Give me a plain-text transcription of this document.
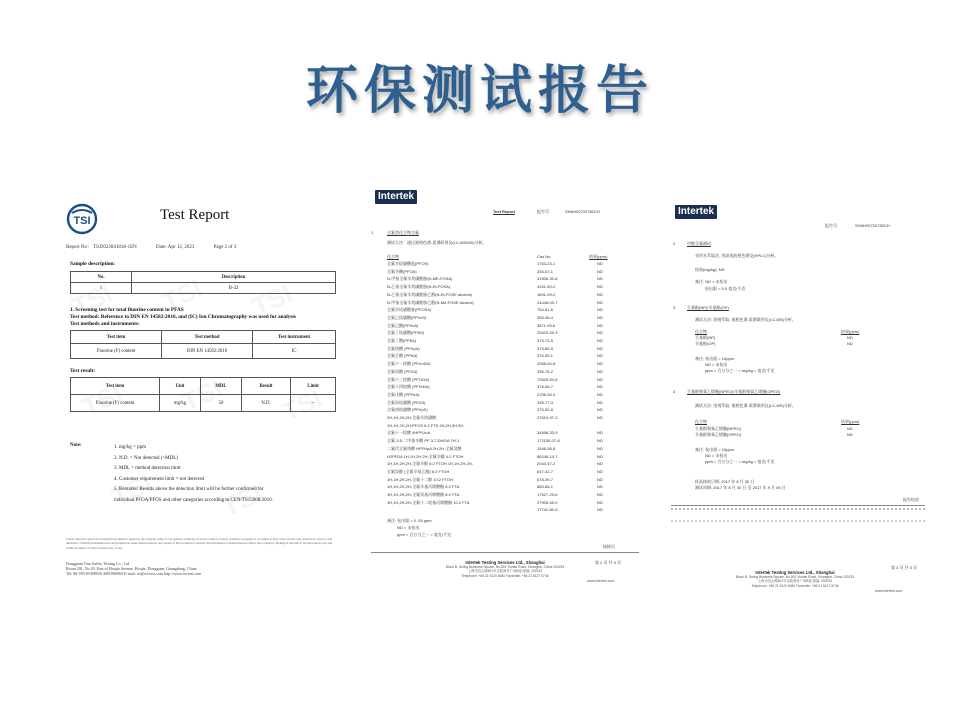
环保测试报告
TSI	Test Report
Report No： TSJ2023041818-1EN	Date: Apr 12, 2023	Page 2 of 3
Sample description:
No.	Description
1	B-32
1. Screening test for total fluorine content in PFAS
Test method: Reference to DIN EN 14582:2016, and (IC) Ion Chromatography was used for analysis
Test methods and instruments:
Test item	Test method	Test instrument
Fluorine (F) content	DIN EN 14582:2016	IC
Test result:
Test item	Unit	MDL	Result	Limit
Fluorine (F) content	mg/kg	50	N.D.	--
Note:	1. mg/kg = ppm
2. N.D. = Not detected (<MDL)
3. MDL = method detection limit
4. Customer requirement limit = not detected
5. Remarks: Results above the detection limit will be further confirmed for
individual PFOA/PFOS and other categories according to CEN/TS15968:2010.
Unless otherwise agreed in writing,this document is issued by the company subject to its general conditions of service printed overleaf, available on request or accessible at http://www.tsi-test.com. Attention is drawn to the limitation of liability,indemnification and jurisdiction issues defined therein. Any holder of this document is advised that information contained hereon reflects the Company's findings at the time of its intervention only and within the limits of Client's instructions, if any.
Dongguan True Safety Testing Co., Ltd
Room 201, No.29, East of Houjie Avenue, Houjie, Dongguan, Guangdong, China
Tel: 86-769-85308050 4001086960 E-mail: tsi@tsi-test.com http://www.tsi-test.com
Intertek
Test Report	报告号：	SHAH00720782CH
1	全氟类化合物含量
测试方法：通过液相色谱-质谱联用仪(LC-MS/MS)分析。
化合物	Cas No.	结果(ppm)
全氟辛烷磺酸盐(PFOS)	1763-23-1	ND
全氟辛酸(PFOA)	335-67-1	ND
N-甲基全氟辛烷磺酰胺(N-ME-FOSA)	31506-32-8	ND
N-乙基全氟辛烷磺酰胺(N-Et-FOSA)	4151-50-2	ND
N-乙基全氟辛烷磺酰胺乙醇(N-Et-FOSE alcohol)	1691-99-2	ND
N-甲基全氟辛烷磺酰胺乙醇(N-Me-FOSE alcohol)	24448-09-7	ND
全氟辛烷磺酰胺(PFOSA)	754-91-6	ND
全氟己烷磺酸(PFHxS)	355-46-4	ND
全氟己酸(PFHxA)	3871-99-6	ND
全氟丁烷磺酸(PFBS)	29420-49-3	ND
全氟丁酸(PFBA)	375-73-5	ND
全氟庚酸 (PFHpA)	375-85-9	ND
全氟壬酸 (PFNA)	375-95-1	ND
全氟十一烷酸 (PFUnDA)	2058-94-8	ND
全氟癸酸 (PFDA)	335-76-2	ND
全氟十三烷酸 (PFTrDA)	72629-94-8	ND
全氟十四烷酸 (PFTeDA)	376-06-7	ND
全氟戊酸 (PFPeA)	2706-90-3	ND
全氟癸烷磺酸 (PFDS)	335-77-3	ND
全氟庚烷磺酸 (PFHpS)	375-92-8	ND
2H,1H,2H,2H-全氟辛烷磺酸	27619-97-2	ND
1H,1H,2H,2H-PFOS 6:2 FTS 2H,2H,3H,3H-
全氟十一烷酸 4HPFUnA	34598-33-9	ND
全氟-3,5-二甲基辛酸 PF-3,7-DMOA 7H-1	172155-07-6	ND
二氟代全氟庚酸 HPFHpA 2H,2H-全氟癸酸	1546-95-8	ND
H2PFDA 1H,1H,2H,2H-全氟辛醇 4:2 FTOH	86248-14-7	ND
1H,1H,2H,2H-全氟辛醇 6:2 FTOH 1H,1H,2H,2H-	2043-47-2	ND
全氟癸醇 (全氟辛基乙醇) 8:2 FTOH	647-42-7	ND
1H,1H,2H,2H-全氟十二醇 10:2 FTOH	678-39-7	ND
1H,1H,2H,2H-全氟辛基丙烯酸酯 6:2 FTA	865-86-1	ND
1H,1H,2H,2H-全氟癸基丙烯酸酯 8:2 FTA	17527-29-6	ND
1H,1H,2H,2H-全氟十二烷基丙烯酸酯 10:2 FTA	27905-45-9	ND
17741-60-5	ND
备注: 检出限 = 0. 05 ppm
ND = 未检出
ppm = 百万分之一 = 毫克/千克
接续页
第 2 页 共 3 页
Intertek Testing Services Ltd., Shanghai
Block B, Jinling Business Square, No.801 Yishan Road, Shanghai, China 200233
上海市宜山路801号金陵商务广场B座 邮编: 200233
Telephone: +86 21 6120 6060 Facsimile: +86 21 6127 6746
www.intertek.com
Intertek
报告号：	SHAH00720782CH
2	甲醛含量测试
采用水萃取法, 用高效液相色谱仪(HPLC)分析。
结果(mg/kg): ND
备注: ND = 未检出
检出限 = 5.0 毫克/千克
3	壬基酚(NP)/辛基酚(OP)
测试方法: 溶剂萃取, 液相色谱-质谱联用仪(LC-MS)分析。
化合物	结果(ppm)
壬基酚(NP)	ND
辛基酚(OP)	ND
备注: 检出限 = 10ppm
ND = 未检出
ppm = 百万分之一 = mg/kg = 毫克/千克
4	壬基酚聚氧乙烯醚(NPEO)/辛基酚聚氧乙烯醚(OPEO)
测试方法: 溶剂萃取, 液相色谱-质谱联用仪(LC-MS)分析。
化合物	结果(ppm)
壬基酚聚氧乙烯醚(NPEO)	ND
辛基酚聚氧乙烯醚(OPEO)	ND
备注: 检出限 = 10ppm
ND = 未检出
ppm = 百万分之一 = mg/kg = 毫克/千克
样品接收日期: 2017 年 8 月 30 日
测试周期: 2017 年 8 月 30 日 至 2017 年 9 月 06 日
报告结束
第 3 页 共 3 页
Intertek Testing Services Ltd., Shanghai
Block B, Jinling Business Square, No.801 Yishan Road, Shanghai, China 200233
上海市宜山路801号金陵商务广场B座 邮编: 200233
Telephone: +86 21 6120 6060 Facsimile: +86 21 6127 6746
www.intertek.com
